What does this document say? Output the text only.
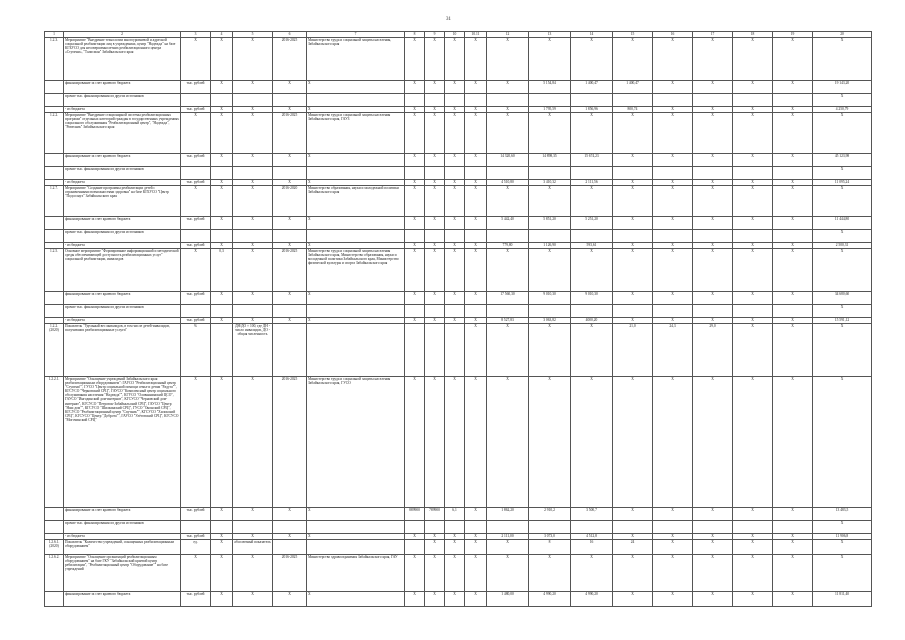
31
1	2	3	4	5	6	7	8	9	10	10.11	12	13	14	15	16	17	18	19	20
1.2.3.	Мероприятие "Внедрение технологии многоуровневой и адресной социальной реабилитации лиц в учреждениях, центр "Надежда" на базе КГБУСО для несовершеннолетних реабилитационного центра «Ступени», "Талисман" Забайкальского края	X	X	X	2016-2025	Министерство труда и социальной защиты населения, Забайкальского края	X	X	X	X	X	X	X	X	X	X	X	X	X
	финансирование за счет краевого бюджета	тыс. рублей	X	X	X	X	X	X	X	X	X	5 154,84	1 400,47	1 400,47	X	X	X	X	19 143,20
	прочие тыс. финансирования из других источников																		X
	- из бюджета	тыс. рублей	X	X	X	X	X	X	X	X	X	1 795,59	1 856,96	800,74	X	X	X	X	4 250,79
1.2.2.	Мероприятие "Внедрение стационарной системы реабилитационных программ" отдельных категорий граждан в государственных учреждениях социального обслуживания "Реабилитационный центр", "Надежда", "Ровесник" Забайкальского края	X	X	X	2016-2025	Министерство труда и социальной защиты населения Забайкальского края, ГАУЗ	X	X	X	X	X	X	X	X	X	X	X	X	X
	финансирование за счет краевого бюджета	тыс. рублей	X	X	X	X	X	X	X	X	14 320,60	14 898,35	15 674,23	X	X	X	X	X	45 123,98
	прочие тыс. финансирования из других источников																		X
	- из бюджета	тыс. рублей	X	X	X	X	X	X	X	X	4 510,80	3 410,32	2 111,56	X	X	X	X	X	11 095,24
1.2.7.	Мероприятие "Создание программы реабилитации детей с ограниченными возможностями здоровья" на базе КГБУСО "Центр "Подсолнух" Забайкальского края	X	X	X	2016-2020	Министерство образования, науки и молодежной политики Забайкальского края	X	X	X	X	X	X	X	X	X	X	X	X	X
	финансирование за счет краевого бюджета	тыс. рублей	X	X	X	X	X	X	X	X	5 442,40	5 851,20	5 251,20	X	X	X	X	X	11 444,80
	прочие тыс. финансирования из других источников																		X
	- из бюджета	тыс. рублей	X	X	X	X	X	X	X	X	779,80	1 126,90	593,61	X	X	X	X	X	2 500,31
1.2.5.	Основное мероприятие "Формирование информационной и методической среды обеспечивающей доступность реабилитационных услуг" социальной реабилитации, инвалидов	X	0,3	X	2016-2025	Министерство труда и социальной защиты населения Забайкальского края, Министерство образования, науки и молодежной политики Забайкальского края, Министерство физической культуры и спорта Забайкальского края	X	X	X	X	X	X	X	X	X	X	X	X	X
	финансирование за счет краевого бюджета	тыс. рублей	X	X	X	X	X	X	X	X	17 560,30	9 010,30	9 010,30	X	X	X	X	X	34 680,60
	прочие тыс. финансирования из других источников																		X
	- из бюджета	тыс. рублей	X	X	X	X	X	X	X	X	8 527,83	3 063,82	4000,20	X	X	X	X	X	15 591,12
1.2.2. (2020)	Показатель "Удельный вес инвалидов, в том числе детей-инвалидов, получивших реабилитационные услуги"	%		ДН/ДО × 100, где ДН - число инвалидов, ДО - общая численность						X	X	X	X	21,0	24,3	29,0	X	X	X
1.2.2.1.	Мероприятие "Оснащение учреждений Забайкальского края реабилитационным оборудованием": ГАУСО "Реабилитационный центр "Ступени"", ГУСО "Центр социальной помощи семье и детям "Радуга"", КГСУСО "Черновский СРЦ", ГАУСО "Комплексный центр социального обслуживания населения "Надежда"", КГУСО "Оловяннинский ЦСО", ГАУСО "Ингодинский дом-интернат", КГСУСО "Черновский дом-интернат", КГСУСО "Петровск-Забайкальский СРЦ", ГАУСО "Центр "Наш дом"", КГСУСО "Шилкинский СРЦ", ГУСО "Ононский СРЦ", КГСУСО "Реабилитационный центр "Спутник"", КГСУСО "Хилокский СРЦ", КГСУСО "Центр "Доброта"", ГАУСО "Улётовский СРЦ", КГСУСО "Могочинский СРЦ"	X	X	X	2016-2025	Министерство труда и социальной защиты населения Забайкальского края, ГУСО	X	X	X	X	X	X	X	X	X	X	X	X	X
	финансирование за счет краевого бюджета	тыс. рублей	X	X	X	X	889900	789900	6,1	X	1 862,20	2 910,2	3 500,7	X	X	X	X	X	13 483,5
	прочие тыс. финансирования из других источников																		X
	- из бюджета	тыс. рублей	X	X	X	X	X	X	X	X	2 111,00	3 073,0	4 512,8	X	X	X	X	X	11 906,8
1.2.6.1. (2020)	Показатель "Количество учреждений, оснащенных реабилитационным оборудованием"	ед.	X	абсолютный показатель				X	X	X	X	8	16	24	X	X	X	X	X
1.2.6.2.	Мероприятие "Оснащение организаций реабилитационным оборудованием" на базе ГКУ "Забайкальский краевой центр ребилитации", "Реабилитационный центр "Оборудование"" на базе учреждений	X	X	X	2016-2025	Министерство здравоохранения Забайкальского края, ГАУ	X	X	X	X	X	X	X	X	X	X	X	X	X
	финансирование за счет краевого бюджета	тыс. рублей	X	X	X	X	X	X	X	X	1 480,00	4 990,20	4 990,20	X	X	X	X	X	11 811,40
